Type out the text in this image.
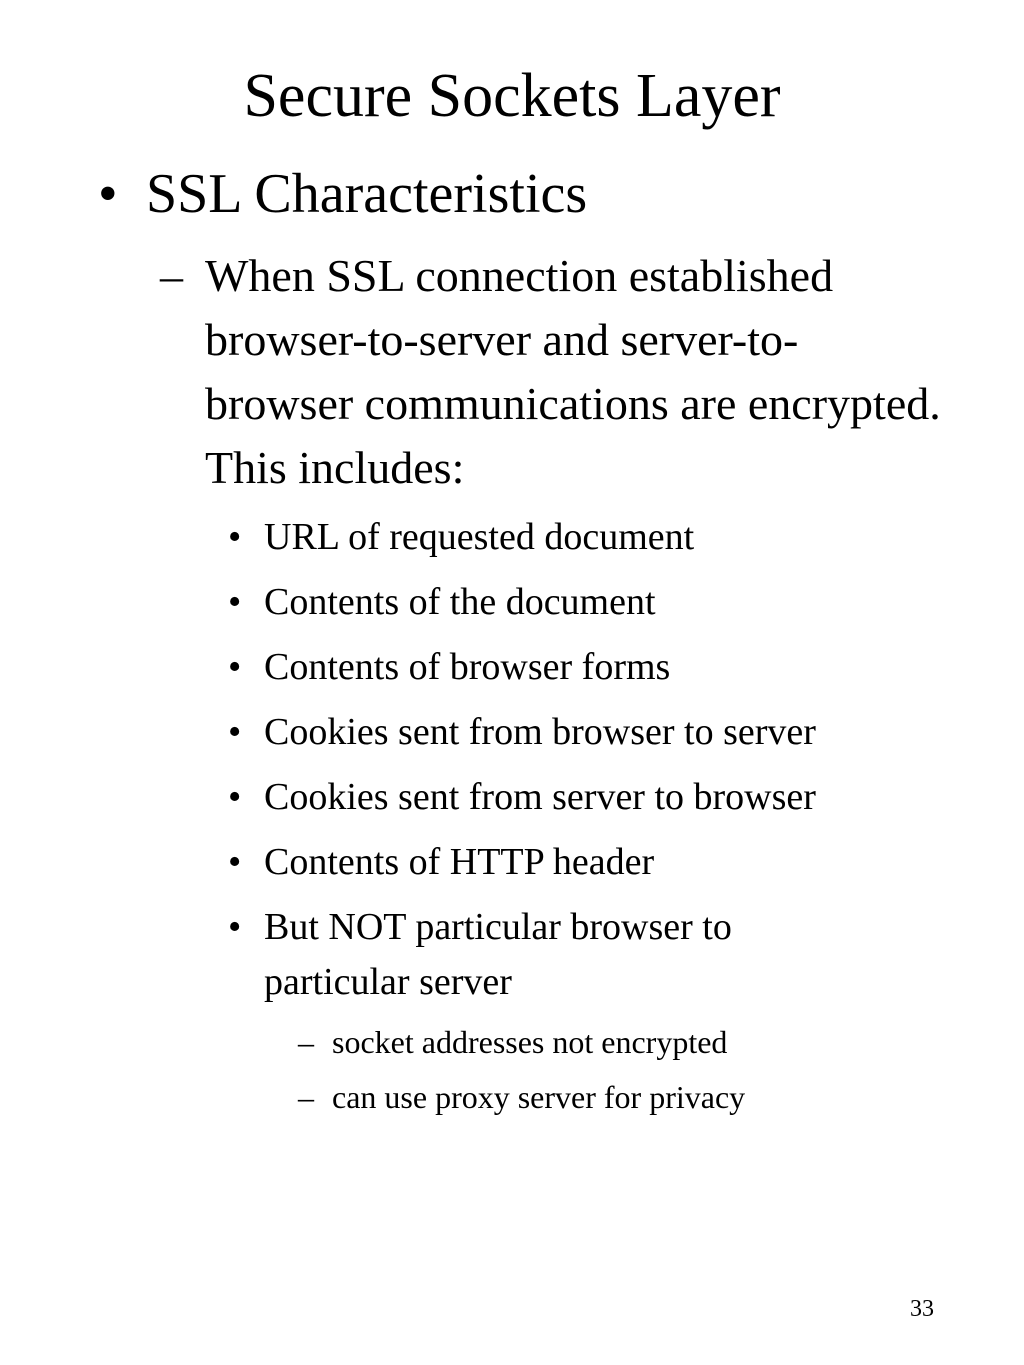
Secure Sockets Layer
• SSL Characteristics
– When SSL connection established browser-to-server and server-to-browser communications are encrypted. This includes:
• URL of requested document
• Contents of the document
• Contents of browser forms
• Cookies sent from browser to server
• Cookies sent from server to browser
• Contents of HTTP header
• But NOT particular browser to particular server
– socket addresses not encrypted
– can use proxy server for privacy
33
